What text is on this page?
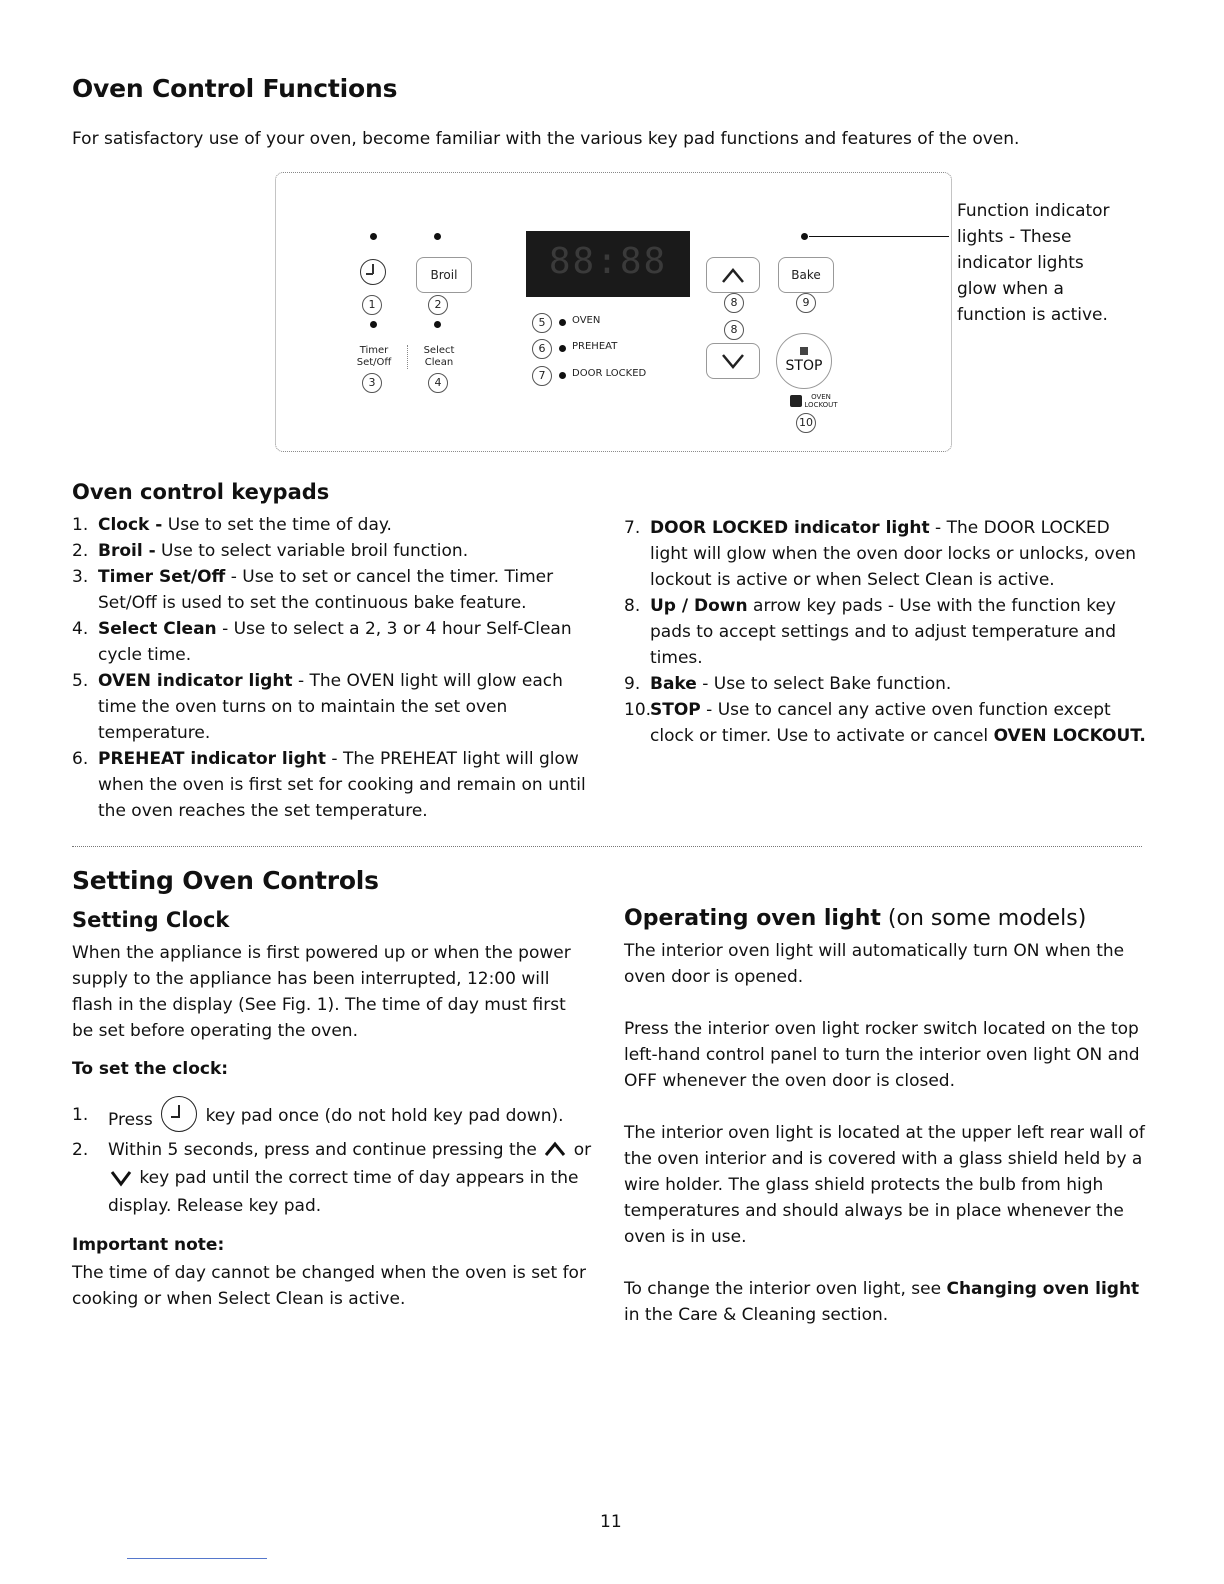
Oven Control Functions

For satisfactory use of your oven, become familiar with the various key pad functions and features of the oven.

Broil
1	2
Timer
Set/Off
Select
Clean
3	4
88:88
5	OVEN
6	PREHEAT
7	DOOR LOCKED
8
8
Bake
9
STOP
OVEN
LOCKOUT
10
Function indicator
lights - These
indicator lights
glow when a
function is active.
Oven control keypads
1. Clock - Use to set the time of day.
2. Broil - Use to select variable broil function.
3. Timer Set/Off - Use to set or cancel the timer. Timer Set/Off is used to set the continuous bake feature.
4. Select Clean - Use to select a 2, 3 or 4 hour Self-Clean cycle time.
5. OVEN indicator light - The OVEN light will glow each time the oven turns on to maintain the set oven temperature.
6. PREHEAT indicator light - The PREHEAT light will glow when the oven is first set for cooking and remain on until the oven reaches the set temperature.
7. DOOR LOCKED indicator light - The DOOR LOCKED light will glow when the oven door locks or unlocks, oven lockout is active or when Select Clean is active.
8. Up / Down arrow key pads - Use with the function key pads to accept settings and to adjust temperature and times.
9. Bake - Use to select Bake function.
10.
STOP - Use to cancel any active oven function except clock or timer. Use to activate or cancel OVEN LOCKOUT.
Setting Oven Controls
Setting Clock

When the appliance is first powered up or when the power supply to the appliance has been interrupted, 12:00 will flash in the display (See Fig. 1). The time of day must first be set before operating the oven.

To set the clock:

1. Press	key pad once (do not hold key pad down).
2. Within 5 seconds, press and continue pressing the or  key pad until the correct time of day appears in the display. Release key pad.

Important note:

The time of day cannot be changed when the oven is set for cooking or when Select Clean is active.

Operating oven light (on some models)

The interior oven light will automatically turn ON when the oven door is opened.

Press the interior oven light rocker switch located on the top left-hand control panel to turn the interior oven light ON and OFF whenever the oven door is closed.

The interior oven light is located at the upper left rear wall of the oven interior and is covered with a glass shield held by a wire holder. The glass shield protects the bulb from high temperatures and should always be in place whenever the oven is in use.

To change the interior oven light, see Changing oven light in the Care & Cleaning section.

11
